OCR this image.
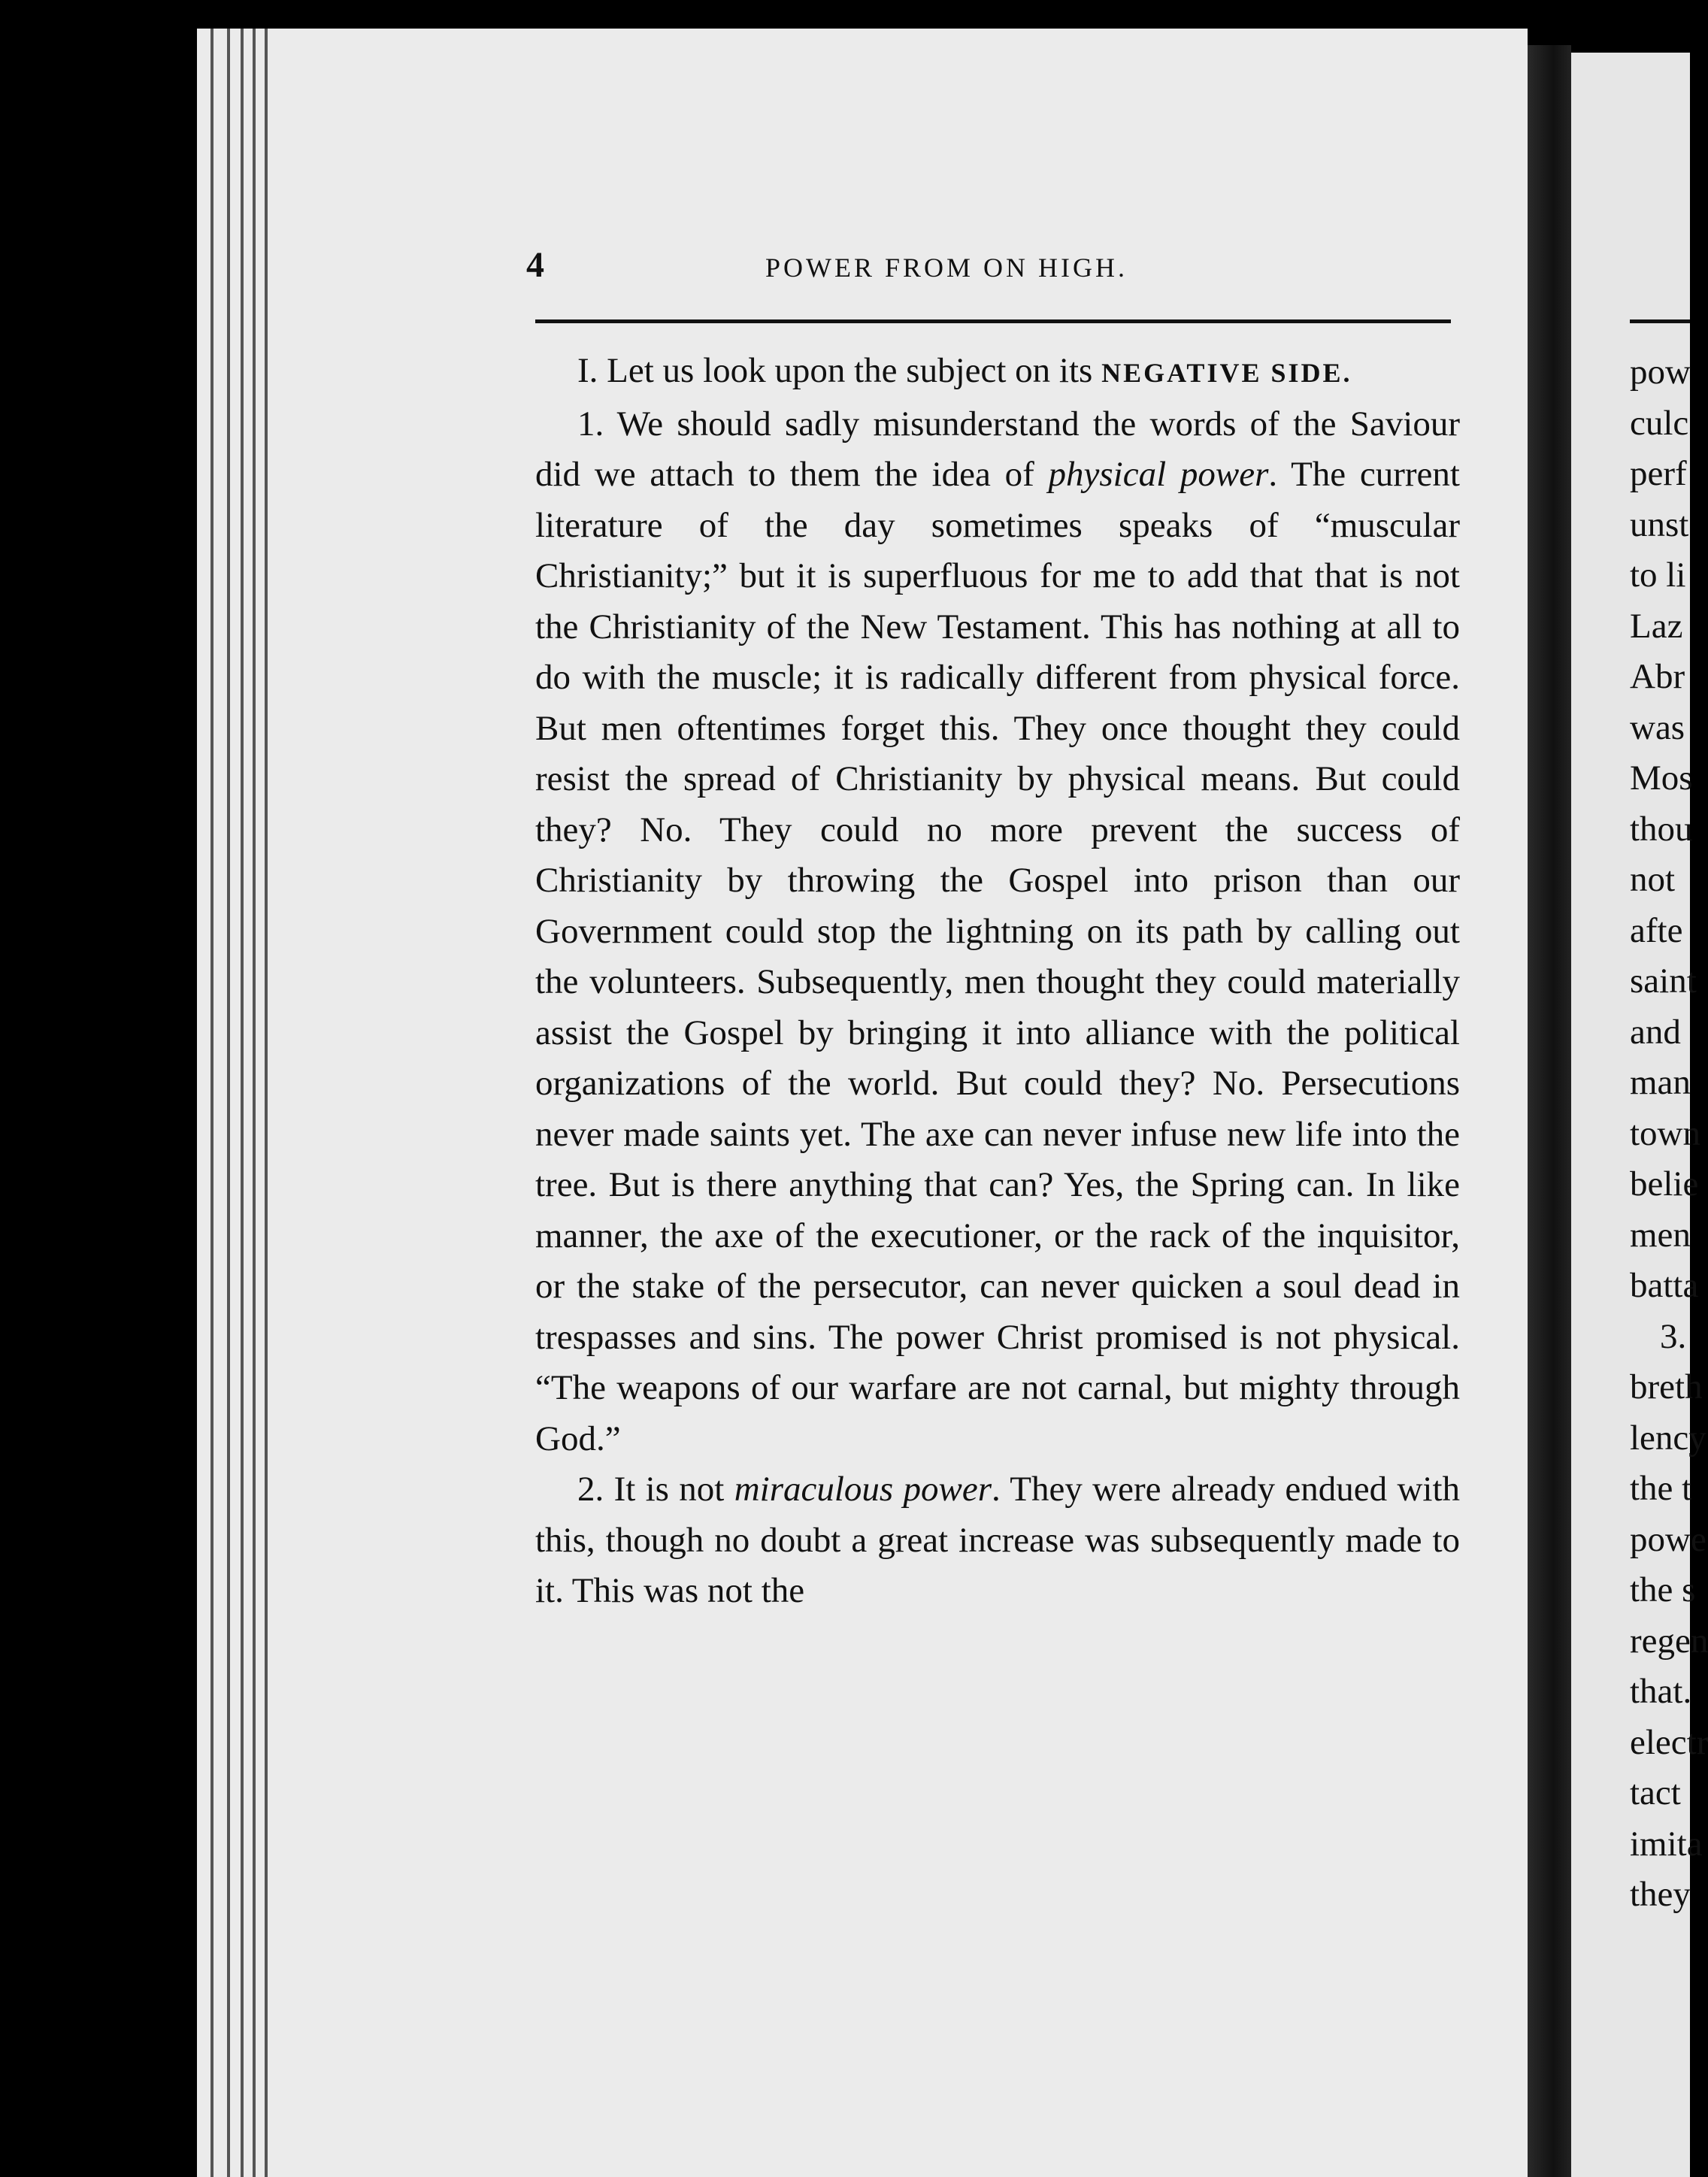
4	POWER FROM ON HIGH.

I. Let us look upon the subject on its NEGATIVE SIDE.

1. We should sadly misunderstand the words of the Saviour did we attach to them the idea of physical power. The current literature of the day sometimes speaks of “muscular Christianity;” but it is superfluous for me to add that that is not the Christianity of the New Testament. This has nothing at all to do with the muscle; it is radically different from physical force. But men oftentimes forget this. They once thought they could resist the spread of Christianity by physical means. But could they? No. They could no more prevent the success of Christianity by throwing the Gospel into prison than our Government could stop the lightning on its path by calling out the volunteers. Subsequently, men thought they could materially assist the Gospel by bringing it into alliance with the political organizations of the world. But could they? No. Persecutions never made saints yet. The axe can never infuse new life into the tree. But is there anything that can? Yes, the Spring can. In like manner, the axe of the executioner, or the rack of the inquisitor, or the stake of the persecutor, can never quicken a soul dead in trespasses and sins. The power Christ promised is not physical. “The weapons of our warfare are not carnal, but mighty through God.”

2. It is not miraculous power. They were already endued with this, though no doubt a great increase was subsequently made to it. This was not the

pow
culc
perf
unst
to li
Laz
Abr
was
Mos
thou
not
afte
saint
and
man
town
belie
men
batta
3.
breth
lency
the t
powe
the s
regen
that.
electr
tact
imita
they
